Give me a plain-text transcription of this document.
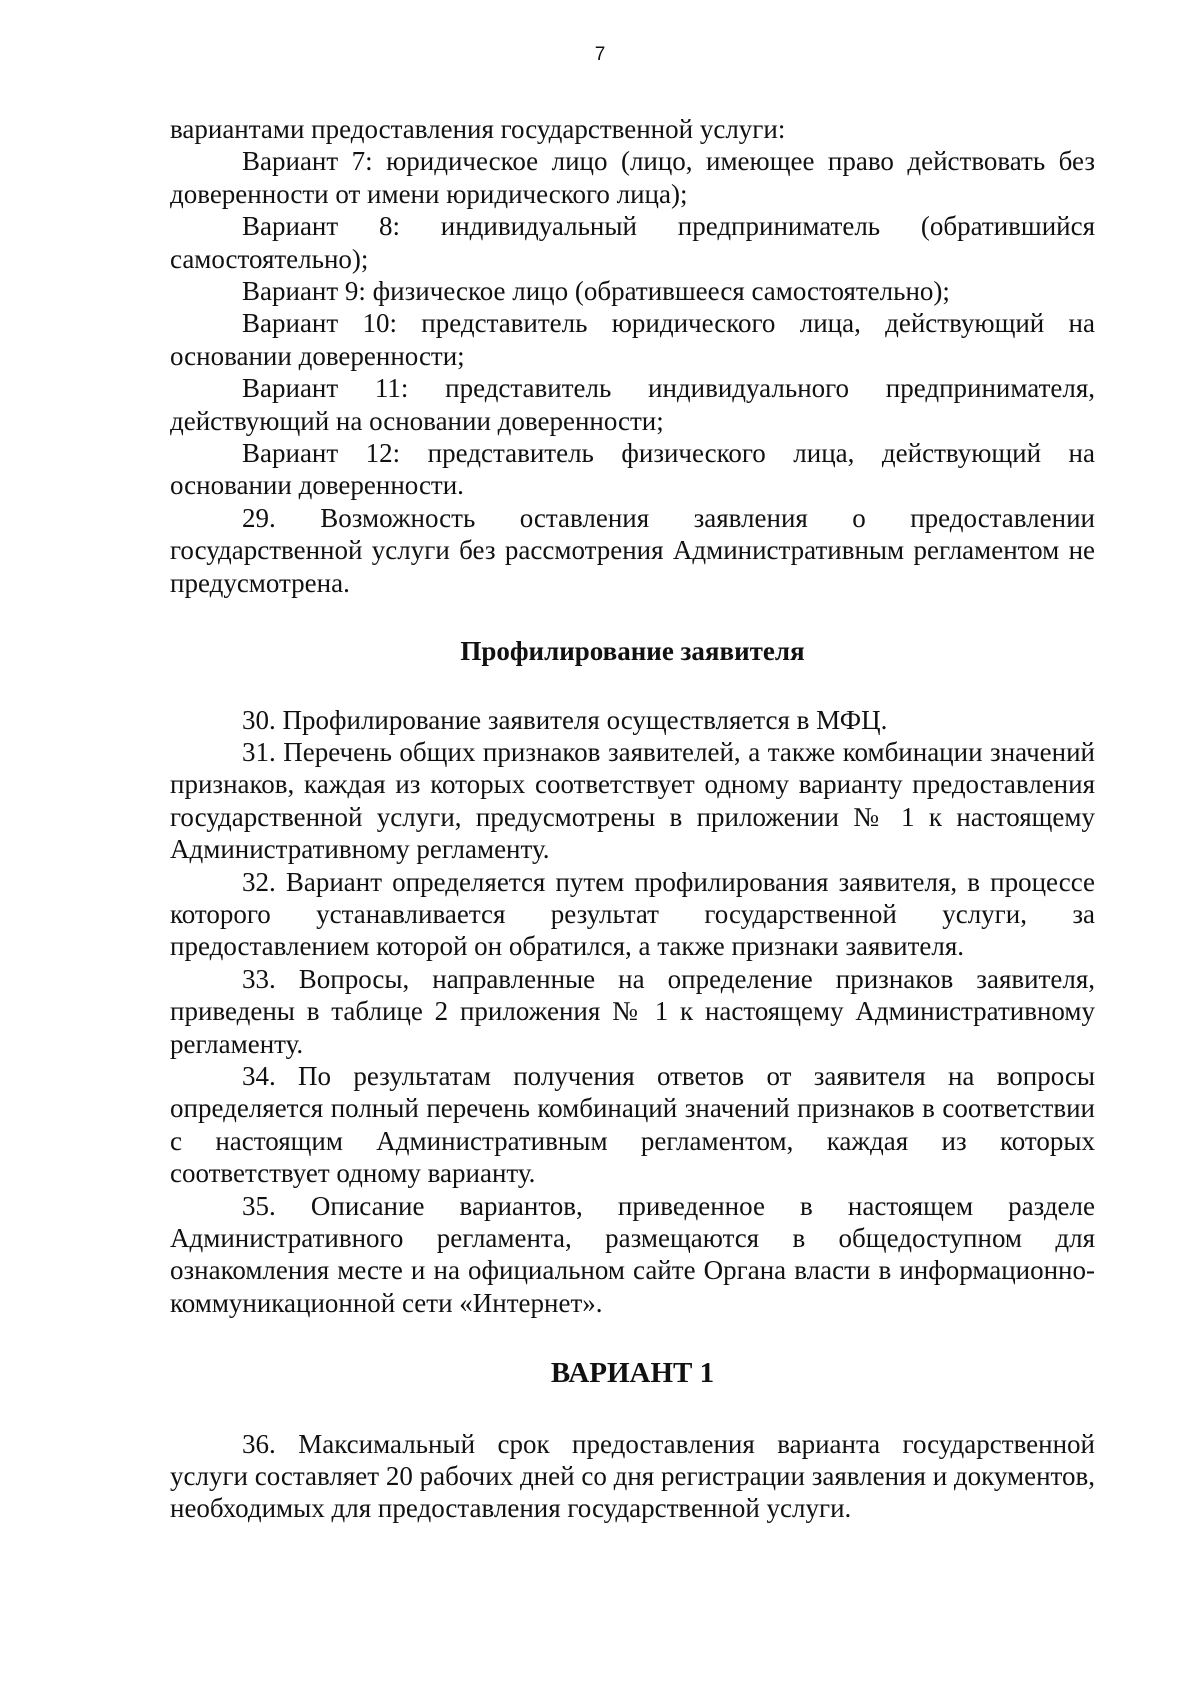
7

вариантами предоставления государственной услуги:

Вариант 7: юридическое лицо (лицо, имеющее право действовать без доверенности от имени юридического лица);

Вариант 8: индивидуальный предприниматель (обратившийся самостоятельно);

Вариант 9: физическое лицо (обратившееся самостоятельно);

Вариант 10: представитель юридического лица, действующий на основании доверенности;

Вариант 11: представитель индивидуального предпринимателя, действующий на основании доверенности;

Вариант 12: представитель физического лица, действующий на основании доверенности.

29. Возможность оставления заявления о предоставлении государственной услуги без рассмотрения Административным регламентом не предусмотрена.

Профилирование заявителя

30. Профилирование заявителя осуществляется в МФЦ.

31. Перечень общих признаков заявителей, а также комбинации значений признаков, каждая из которых соответствует одному варианту предоставления государственной услуги, предусмотрены в приложении № 1 к настоящему Административному регламенту.

32. Вариант определяется путем профилирования заявителя, в процессе которого устанавливается результат государственной услуги, за предоставлением которой он обратился, а также признаки заявителя.

33. Вопросы, направленные на определение признаков заявителя, приведены в таблице 2 приложения № 1 к настоящему Административному регламенту.

34. По результатам получения ответов от заявителя на вопросы определяется полный перечень комбинаций значений признаков в соответствии с настоящим Административным регламентом, каждая из которых соответствует одному варианту.

35. Описание вариантов, приведенное в настоящем разделе Административного регламента, размещаются в общедоступном для ознакомления месте и на официальном сайте Органа власти в информационно-коммуникационной сети «Интернет».

ВАРИАНТ 1

36. Максимальный срок предоставления варианта государственной услуги составляет 20 рабочих дней со дня регистрации заявления и документов, необходимых для предоставления государственной услуги.
